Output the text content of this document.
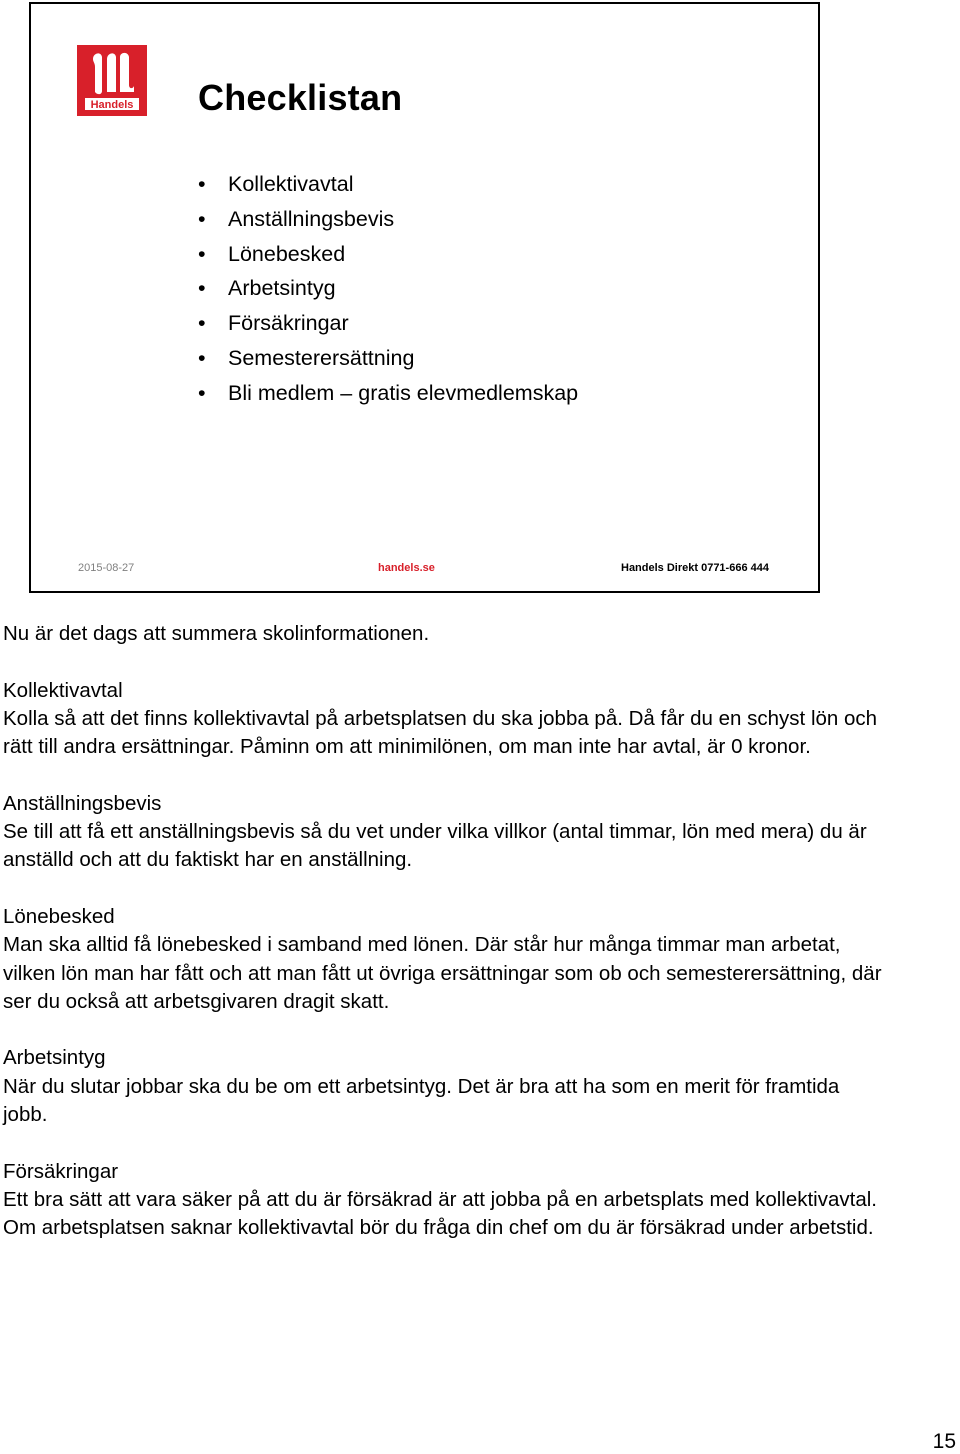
Handels Checklistan
• Kollektivavtal
• Anställningsbevis
• Lönebesked
• Arbetsintyg
• Försäkringar
• Semesterersättning
• Bli medlem – gratis elevmedlemskap
2015-08-27	handels.se	Handels Direkt 0771-666 444

Nu är det dags att summera skolinformationen.

Kollektivavtal
Kolla så att det finns kollektivavtal på arbetsplatsen du ska jobba på. Då får du en schyst lön och rätt till andra ersättningar. Påminn om att minimilönen, om man inte har avtal, är 0 kronor.

Anställningsbevis
Se till att få ett anställningsbevis så du vet under vilka villkor (antal timmar, lön med mera) du är anställd och att du faktiskt har en anställning.

Lönebesked
Man ska alltid få lönebesked i samband med lönen. Där står hur många timmar man arbetat, vilken lön man har fått och att man fått ut övriga ersättningar som ob och semesterersättning, där ser du också att arbetsgivaren dragit skatt.

Arbetsintyg
När du slutar jobbar ska du be om ett arbetsintyg. Det är bra att ha som en merit för framtida jobb.

Försäkringar
Ett bra sätt att vara säker på att du är försäkrad är att jobba på en arbetsplats med kollektivavtal. Om arbetsplatsen saknar kollektivavtal bör du fråga din chef om du är försäkrad under arbetstid.

15
